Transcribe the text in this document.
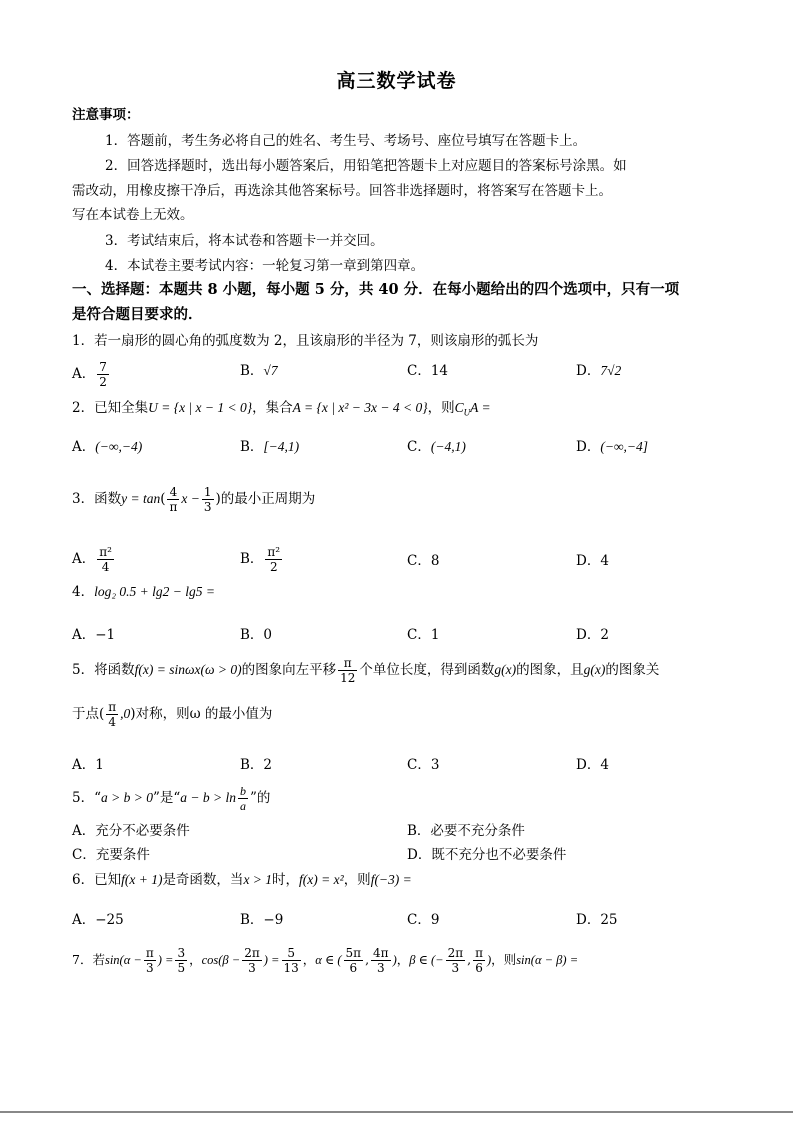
高三数学试卷
注意事项：
1．答题前，考生务必将自己的姓名、考生号、考场号、座位号填写在答题卡上。
2．回答选择题时，选出每小题答案后，用铅笔把答题卡上对应题目的答案标号涂黑。如
需改动，用橡皮擦干净后，再选涂其他答案标号。回答非选择题时，将答案写在答题卡上。
写在本试卷上无效。
3．考试结束后，将本试卷和答题卡一并交回。
4．本试卷主要考试内容：一轮复习第一章到第四章。
一、选择题：本题共 8 小题，每小题 5 分，共 40 分．在每小题给出的四个选项中，只有一项
是符合题目要求的．
1．若一扇形的圆心角的弧度数为 2，且该扇形的半径为 7，则该扇形的弧长为
A． $\frac{7}{2}$	B．√7	C．14	D．7√2
2．已知全集U = {x | x − 1 < 0}，集合A = {x | x² − 3x − 4 < 0}，则$C_UA$ =
A．(−∞,−4)	B．[−4,1)	C．(−4,1)	D．(−∞,−4]
3．函数$y = \tan( \frac{4}{\pi}$ $x - \frac{1}{3}$ )的最小正周期为
A． $\frac{\text{π²}}{4}$	B． $\frac{\text{π²}}{2}$	C．8	D．4
4．log₂ 0.5 + lg2 − lg5 =
A．−1	B．0	C．1	D．2
5．将函数f(x) = sinωx(ω > 0)的图象向左平移 $\frac{\pi}{12}$ 个单位长度，得到函数g(x)的图象，且g(x)的图象关
于点( $\frac{\pi}{4} ,0$)对称，则ω 的最小值为
A．1	B．2	C．3	D．4
5．“a > b > 0”是“$a - b > \ln \frac{b}{a}$ ”的
A．充分不必要条件	B．必要不充分条件
C．充要条件	D．既不充分也不必要条件
6．已知f(x + 1)是奇函数，当x > 1时，f(x) = x²，则f(−3) =
A．−25	B．−9	C．9	D．25
7．若$\sin(\alpha - \frac{\pi}{3}$ ) = $\frac{3}{5}$ ，$\cos(\beta - \frac{2\pi}{3}$ ) = $\frac{5}{13}$ ，α ∈ ( $\frac{5\pi}{6}$ , $\frac{4\pi}{3}$ )，β ∈ (− $\frac{2\pi}{3}$ , $\frac{\pi}{6}$ )，则sin(α − β) =
